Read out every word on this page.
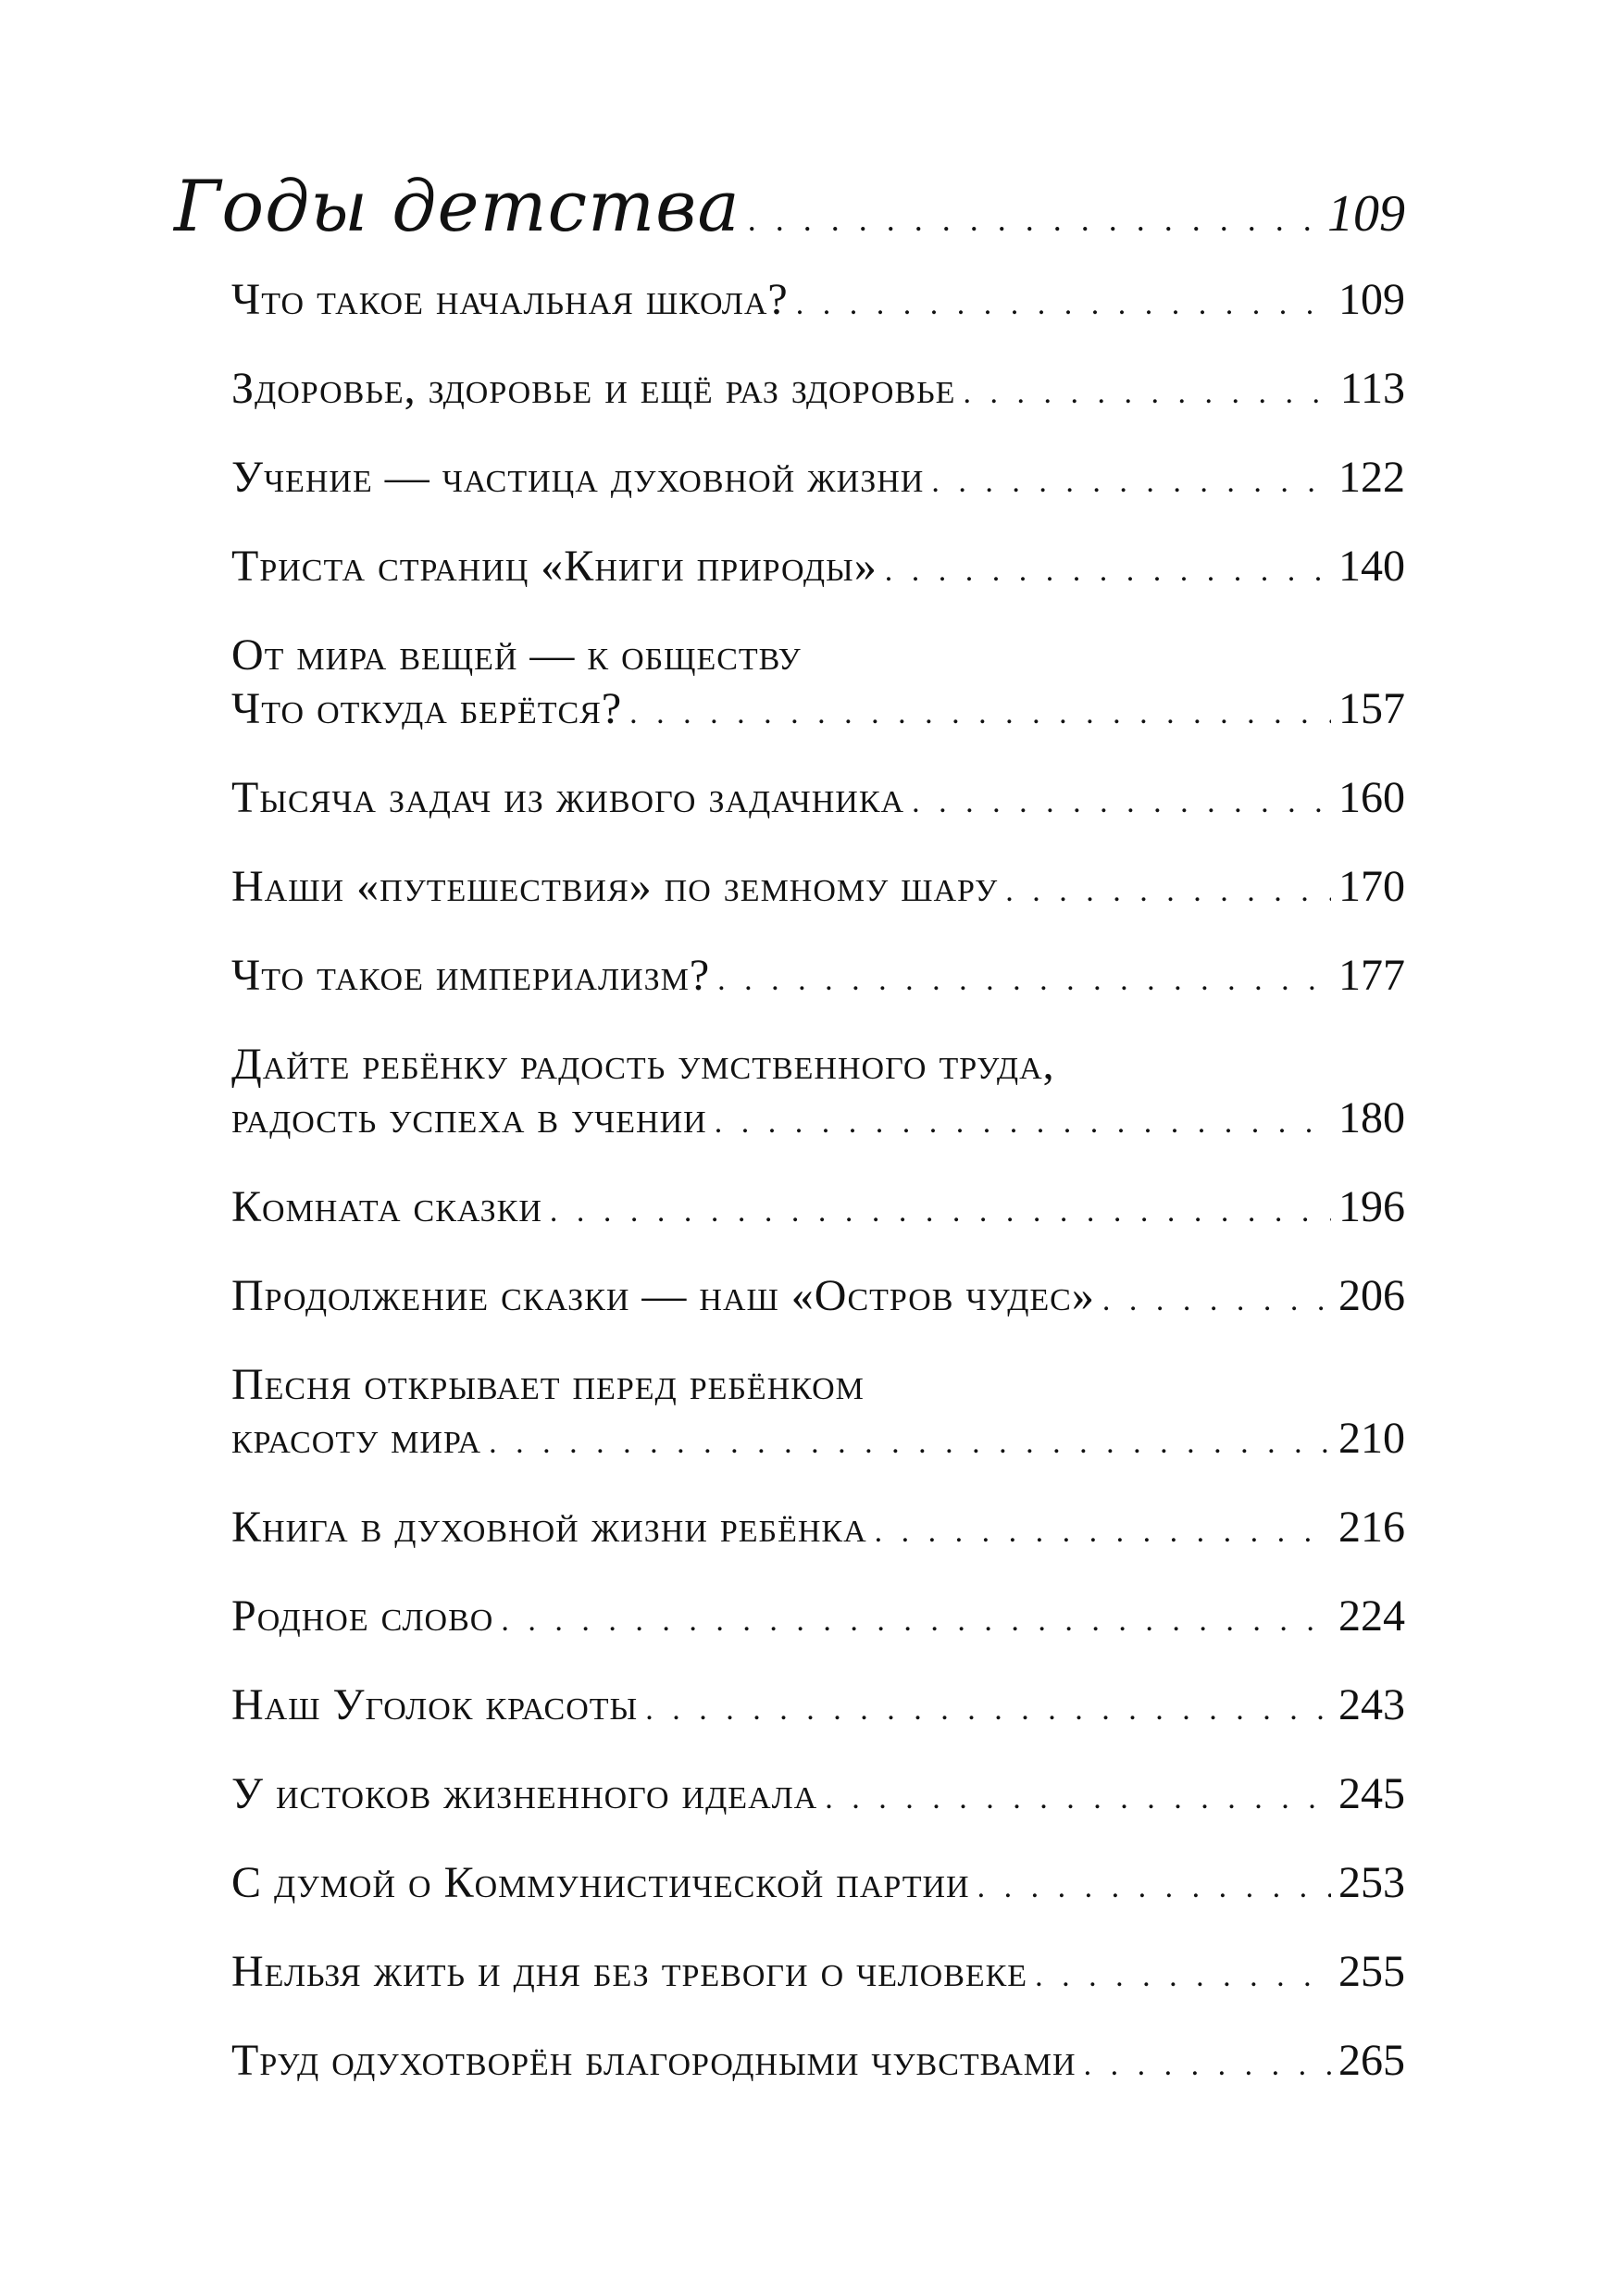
Годы детства . . .	109
Что такое начальная школа? . . .	109
Здоровье, здоровье и ещё раз здоровье . . .	113
Учение — частица духовной жизни . . .	122
Триста страниц «Книги природы» . . .	140
От мира вещей — к обществу
Что откуда берётся? . . .	157
Тысяча задач из живого задачника . . .	160
Наши «путешествия» по земному шару . . .	170
Что такое империализм? . . .	177
Дайте ребёнку радость умственного труда,
радость успеха в учении . . .	180
Комната сказки . . .	196
Продолжение сказки — наш «Остров чудес» . . .	206
Песня открывает перед ребёнком
красоту мира . . .	210
Книга в духовной жизни ребёнка . . .	216
Родное слово . . .	224
Наш Уголок красоты . . .	243
У истоков жизненного идеала . . .	245
С думой о Коммунистической партии . . .	253
Нельзя жить и дня без тревоги о человеке . . .	255
Труд одухотворён благородными чувствами . . .	265
